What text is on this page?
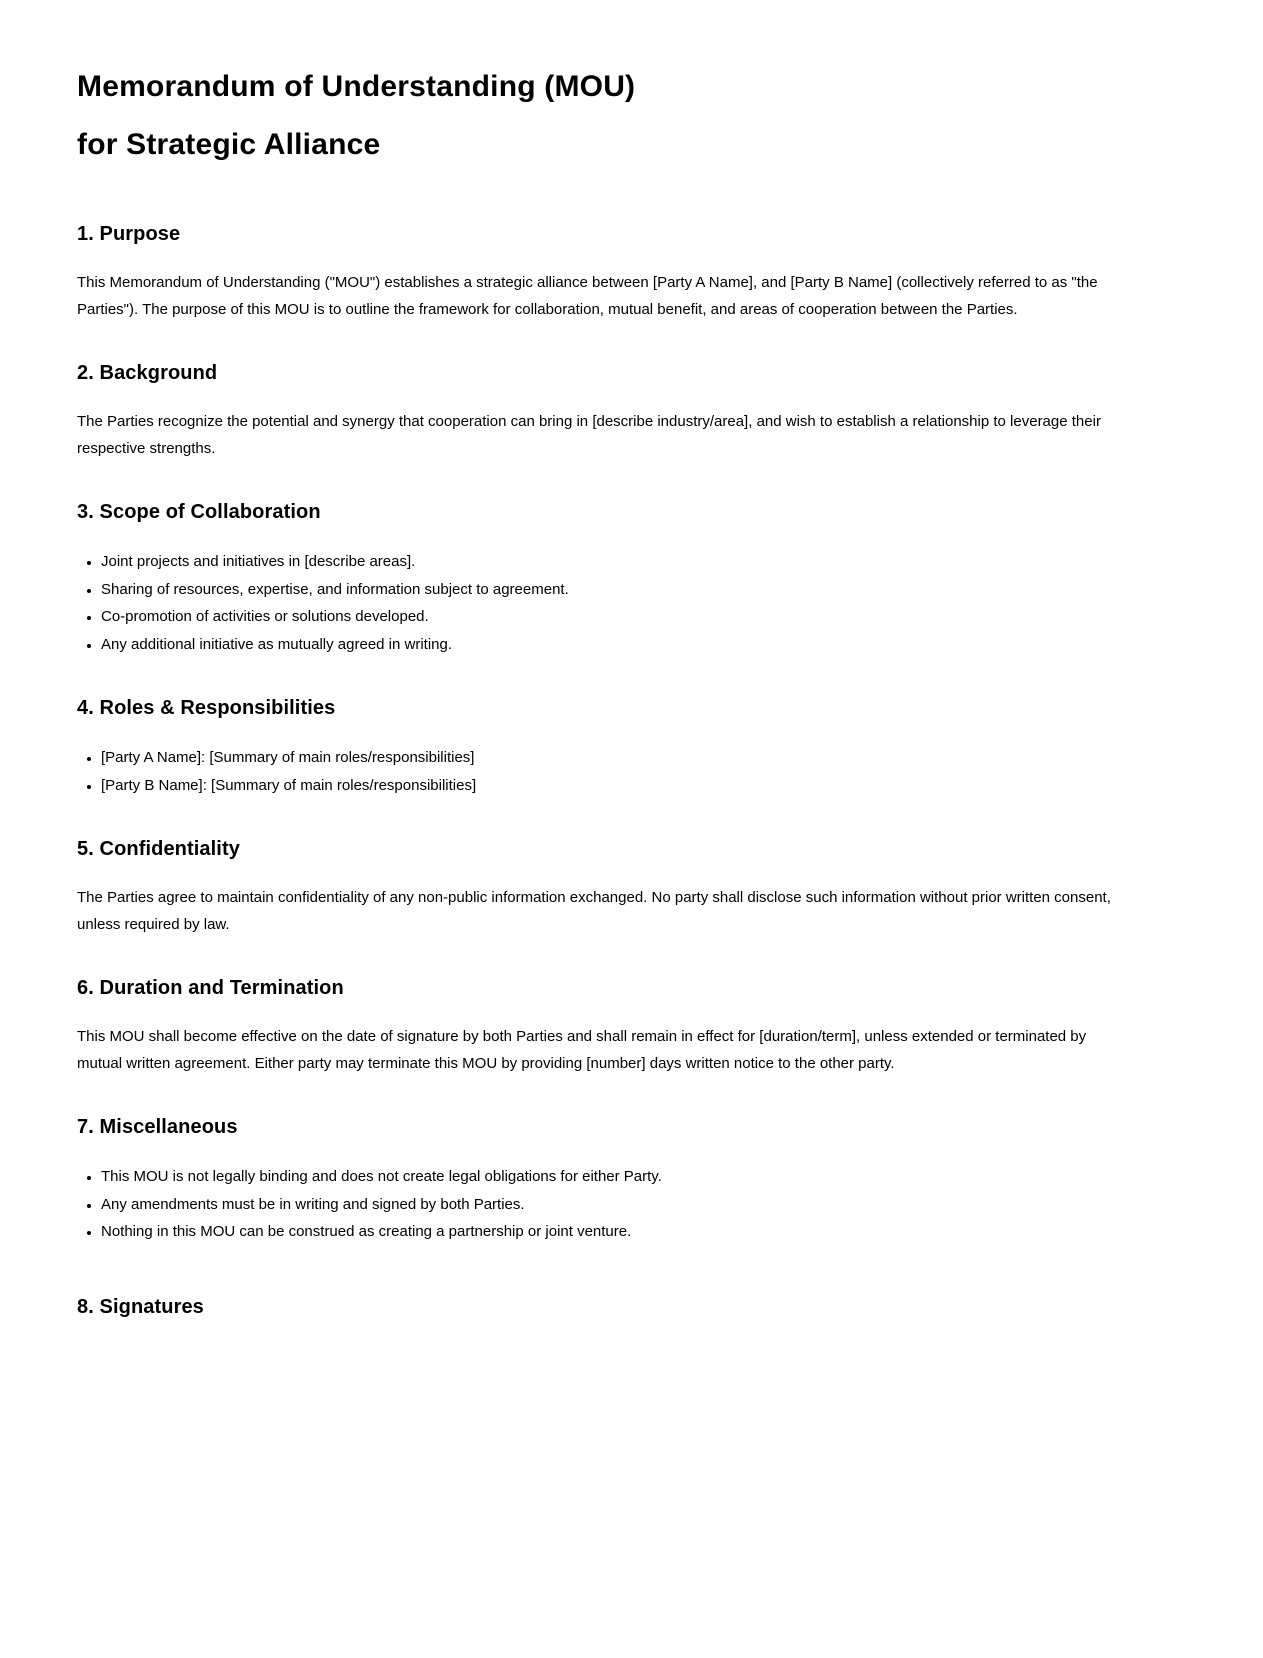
Memorandum of Understanding (MOU)
for Strategic Alliance
1. Purpose

This Memorandum of Understanding ("MOU") establishes a strategic alliance between [Party A Name], and [Party B Name] (collectively referred to as "the Parties"). The purpose of this MOU is to outline the framework for collaboration, mutual benefit, and areas of cooperation between the Parties.

2. Background

The Parties recognize the potential and synergy that cooperation can bring in [describe industry/area], and wish to establish a relationship to leverage their respective strengths.

3. Scope of Collaboration
• Joint projects and initiatives in [describe areas].
• Sharing of resources, expertise, and information subject to agreement.
• Co-promotion of activities or solutions developed.
• Any additional initiative as mutually agreed in writing.
4. Roles & Responsibilities
• [Party A Name]: [Summary of main roles/responsibilities]
• [Party B Name]: [Summary of main roles/responsibilities]
5. Confidentiality

The Parties agree to maintain confidentiality of any non-public information exchanged. No party shall disclose such information without prior written consent, unless required by law.

6. Duration and Termination

This MOU shall become effective on the date of signature by both Parties and shall remain in effect for [duration/term], unless extended or terminated by mutual written agreement. Either party may terminate this MOU by providing [number] days written notice to the other party.

7. Miscellaneous
• This MOU is not legally binding and does not create legal obligations for either Party.
• Any amendments must be in writing and signed by both Parties.
• Nothing in this MOU can be construed as creating a partnership or joint venture.
8. Signatures
